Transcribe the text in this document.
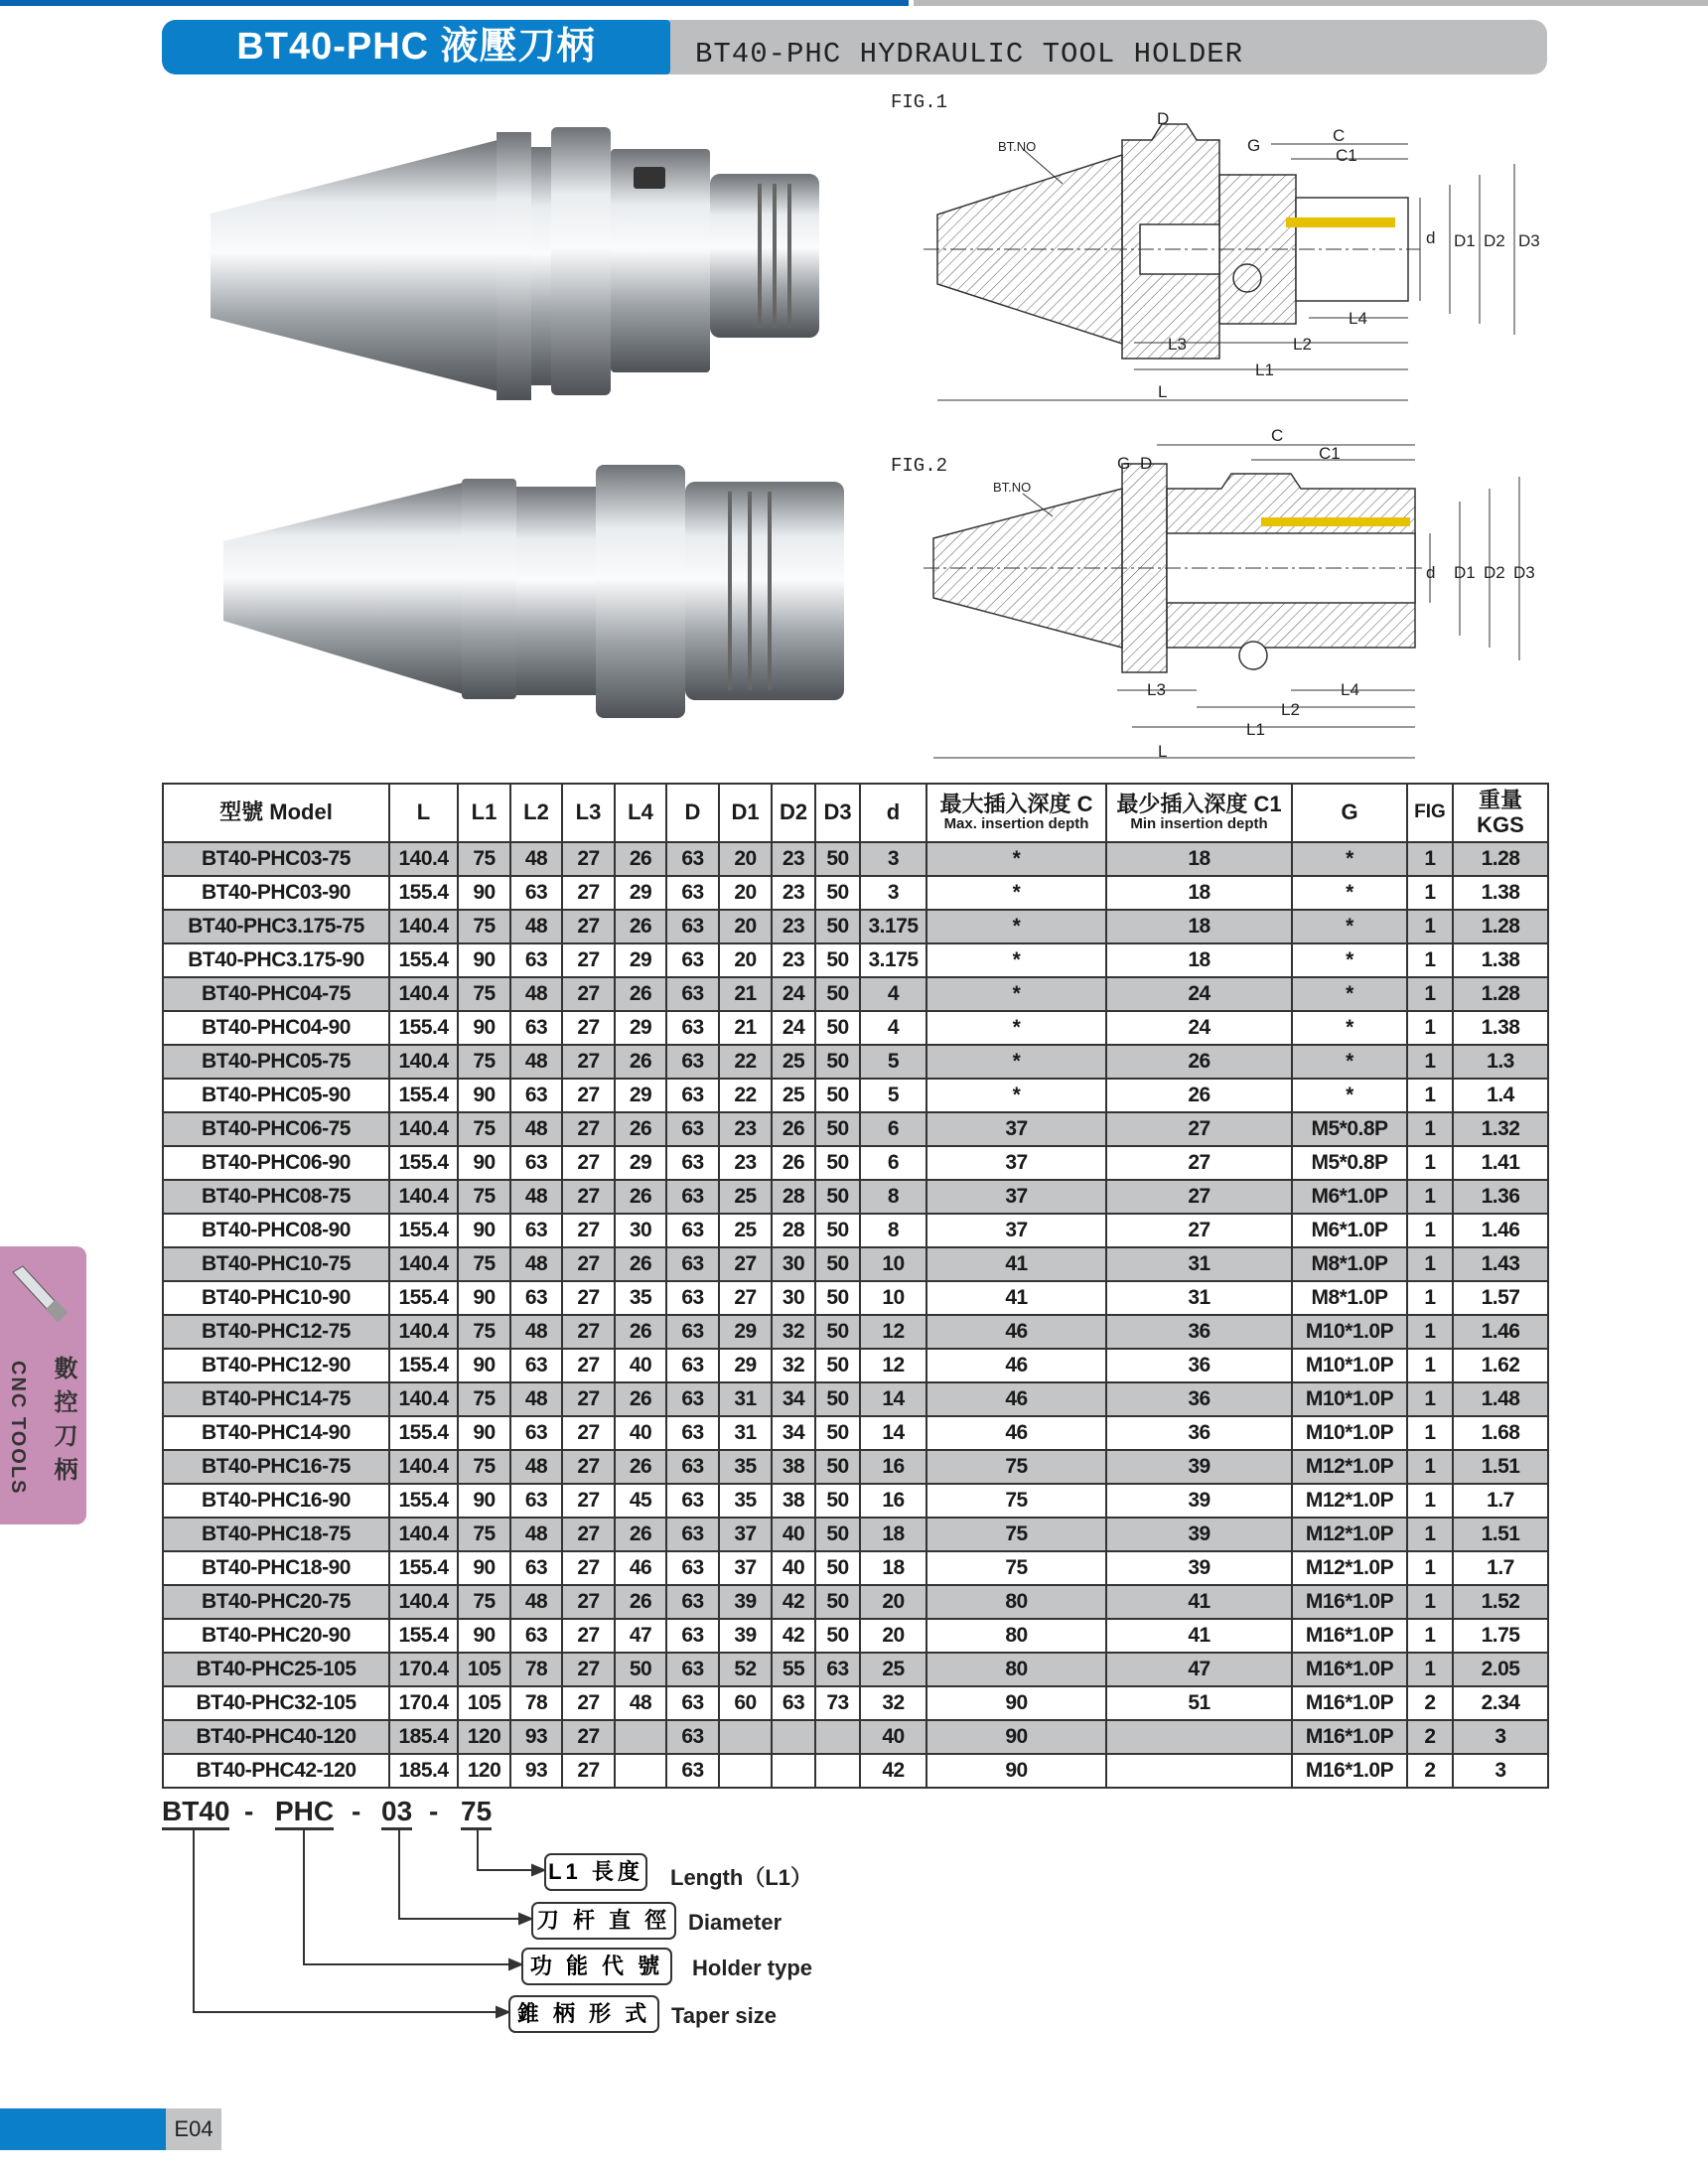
BT40-PHC 液壓刀柄	BT40-PHC HYDRAULIC TOOL HOLDER
FIG.1
BT.NO
D
G
C
C1
d D1 D2 D3
L4
L3	L2
L1
L
FIG.2
BT.NO
G D
C
C1
d D1 D2 D3
L4
L3
L2
L1
L
型號 Model	L	L1	L2	L3	L4	D	D1	D2	D3	d	最大插入深度 C
Max. insertion depth	最少插入深度 C1
Min insertion depth	G	FIG	重量
KGS
BT40-PHC03-75	140.4	75	48	27	26	63	20	23	50	3	*	18	*	1	1.28
BT40-PHC03-90	155.4	90	63	27	29	63	20	23	50	3	*	18	*	1	1.38
BT40-PHC3.175-75	140.4	75	48	27	26	63	20	23	50	3.175	*	18	*	1	1.28
BT40-PHC3.175-90	155.4	90	63	27	29	63	20	23	50	3.175	*	18	*	1	1.38
BT40-PHC04-75	140.4	75	48	27	26	63	21	24	50	4	*	24	*	1	1.28
BT40-PHC04-90	155.4	90	63	27	29	63	21	24	50	4	*	24	*	1	1.38
BT40-PHC05-75	140.4	75	48	27	26	63	22	25	50	5	*	26	*	1	1.3
BT40-PHC05-90	155.4	90	63	27	29	63	22	25	50	5	*	26	*	1	1.4
BT40-PHC06-75	140.4	75	48	27	26	63	23	26	50	6	37	27	M5*0.8P	1	1.32
BT40-PHC06-90	155.4	90	63	27	29	63	23	26	50	6	37	27	M5*0.8P	1	1.41
BT40-PHC08-75	140.4	75	48	27	26	63	25	28	50	8	37	27	M6*1.0P	1	1.36
BT40-PHC08-90	155.4	90	63	27	30	63	25	28	50	8	37	27	M6*1.0P	1	1.46
BT40-PHC10-75	140.4	75	48	27	26	63	27	30	50	10	41	31	M8*1.0P	1	1.43
BT40-PHC10-90	155.4	90	63	27	35	63	27	30	50	10	41	31	M8*1.0P	1	1.57
BT40-PHC12-75	140.4	75	48	27	26	63	29	32	50	12	46	36	M10*1.0P	1	1.46
BT40-PHC12-90	155.4	90	63	27	40	63	29	32	50	12	46	36	M10*1.0P	1	1.62
BT40-PHC14-75	140.4	75	48	27	26	63	31	34	50	14	46	36	M10*1.0P	1	1.48
BT40-PHC14-90	155.4	90	63	27	40	63	31	34	50	14	46	36	M10*1.0P	1	1.68
BT40-PHC16-75	140.4	75	48	27	26	63	35	38	50	16	75	39	M12*1.0P	1	1.51
BT40-PHC16-90	155.4	90	63	27	45	63	35	38	50	16	75	39	M12*1.0P	1	1.7
BT40-PHC18-75	140.4	75	48	27	26	63	37	40	50	18	75	39	M12*1.0P	1	1.51
BT40-PHC18-90	155.4	90	63	27	46	63	37	40	50	18	75	39	M12*1.0P	1	1.7
BT40-PHC20-75	140.4	75	48	27	26	63	39	42	50	20	80	41	M16*1.0P	1	1.52
BT40-PHC20-90	155.4	90	63	27	47	63	39	42	50	20	80	41	M16*1.0P	1	1.75
BT40-PHC25-105	170.4	105	78	27	50	63	52	55	63	25	80	47	M16*1.0P	1	2.05
BT40-PHC32-105	170.4	105	78	27	48	63	60	63	73	32	90	51	M16*1.0P	2	2.34
BT40-PHC40-120	185.4	120	93	27		63				40	90		M16*1.0P	2	3
BT40-PHC42-120	185.4	120	93	27		63				42	90		M16*1.0P	2	3
BT40 - PHC - 03 - 75
L1 長度 Length（L1）
刀 杆 直 徑 Diameter
功 能 代 號	Holder type
錐 柄 形 式 Taper size
CNC TOOLS 數控刀柄
E04
